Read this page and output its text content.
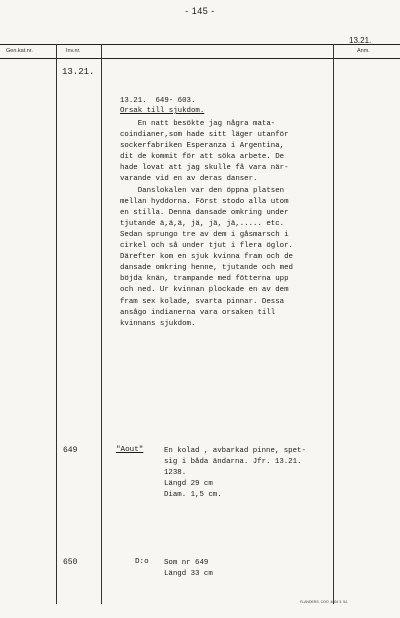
- 145 -
13.21.
Gen.kat.nr.	Inv.nr.	Anm.
13.21.
13.21.  649- 603.
Orsak till sjukdom.
En natt besökte jag några mata-
coindianer,som hade sitt läger utanför
sockerfabriken Esperanza i Argentina,
dit de kommit för att söka arbete. De
hade lovat att jag skulle få vara när-
varande vid en av deras danser.
Danslokalen var den öppna platsen
mellan hyddorna. Först stodo alla utom
en stilla. Denna dansade omkring under
tjutande ä,ä,ä, jä, jä, jä,..... etc.
Sedan sprungo tre av dem i gåsmarsch i
cirkel och så under tjut i flera öglor.
Därefter kom en sjuk kvinna fram och de
dansade omkring henne, tjutande och med
böjda knän, trampande med fötterna upp
och ned. Ur kvinnan plockade en av dem
fram sex kolade, svarta pinnar. Dessa
ansågo indianerna vara orsaken till
kvinnans sjukdom.
649	"Aout"	En kolad , avbarkad pinne, spet-
sig i båda ändarna. Jfr. 13.21.
1238.
Längd 29 cm
Diam. 1,5 cm.
650	D:o Som nr 649
Längd 33 cm
FLANDERS. COO. 4026 3. 54.
